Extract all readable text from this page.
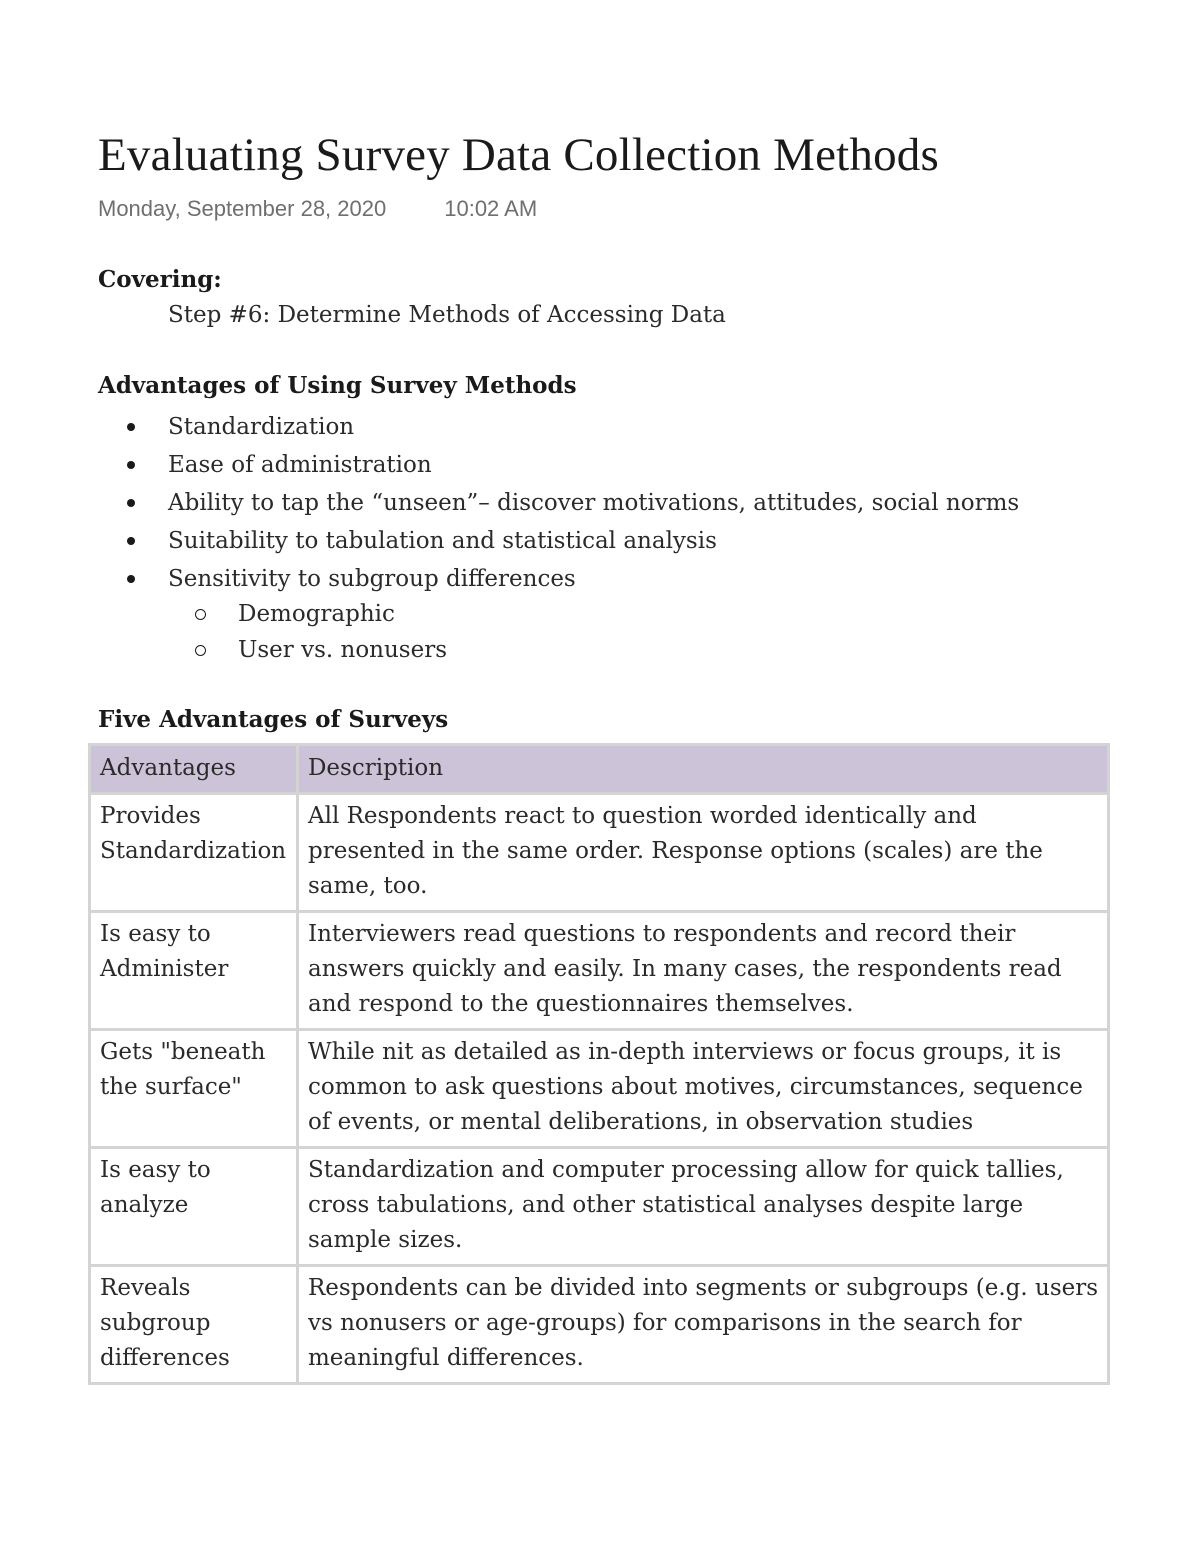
Evaluating Survey Data Collection Methods
Monday, September 28, 2020	10:02 AM
Covering:
Step #6: Determine Methods of Accessing Data
Advantages of Using Survey Methods
Standardization
Ease of administration
Ability to tap the “unseen”– discover motivations, attitudes, social norms
Suitability to tabulation and statistical analysis
Sensitivity to subgroup differences
Demographic
User vs. nonusers
Five Advantages of Surveys
Advantages	Description
Provides Standardization	All Respondents react to question worded identically and presented in the same order. Response options (scales) are the same, too.
Is easy to Administer	Interviewers read questions to respondents and record their answers quickly and easily. In many cases, the respondents read and respond to the questionnaires themselves.
Gets "beneath the surface"	While nit as detailed as in-depth interviews or focus groups, it is common to ask questions about motives, circumstances, sequence of events, or mental deliberations, in observation studies
Is easy to analyze	Standardization and computer processing allow for quick tallies, cross tabulations, and other statistical analyses despite large sample sizes.
Reveals subgroup differences	Respondents can be divided into segments or subgroups (e.g. users vs nonusers or age-groups) for comparisons in the search for meaningful differences.
